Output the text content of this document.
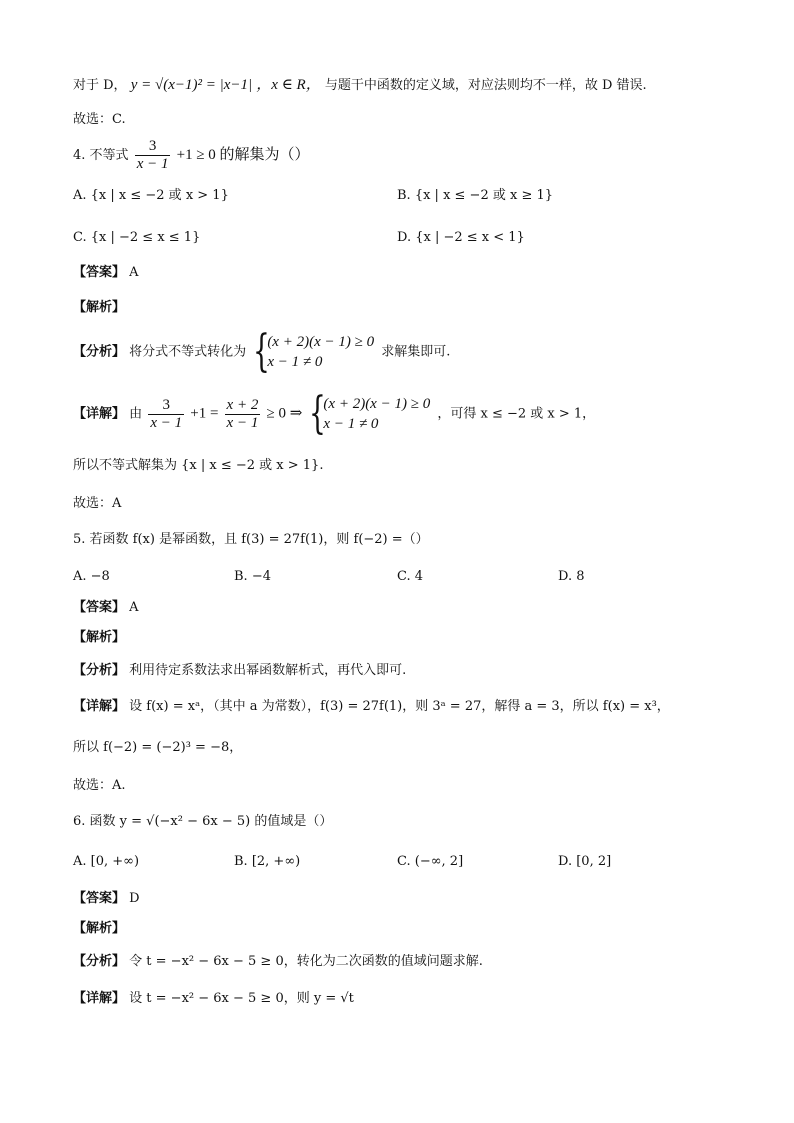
对于 D， y = √(x−1)² = |x−1| ，x ∈ R， 与题干中函数的定义域，对应法则均不一样，故 D 错误.
故选：C.
4. 不等式 $\frac{3}{x - 1} +1 \ge 0$ 的解集为（）
A. {x | x ≤ −2 或 x > 1}	B. {x | x ≤ −2 或 x ≥ 1}
C. {x | −2 ≤ x ≤ 1}	D. {x | −2 ≤ x < 1}
【答案】 A
【解析】
【分析】 将分式不等式转化为 {
(x + 2)(x − 1) ≥ 0
x − 1 ≠ 0
求解集即可.
【详解】 由 $\frac{3}{x - 1} +1 = \frac{x + 2}{x - 1} \ge 0$ ⇒ {
(x + 2)(x − 1) ≥ 0
x − 1 ≠ 0
，可得 x ≤ −2 或 x > 1，
所以不等式解集为 {x | x ≤ −2 或 x > 1}.
故选：A
5. 若函数 f(x) 是幂函数，且 f(3) = 27f(1)，则 f(−2) =（）
A. −8	B. −4	C. 4	D. 8
【答案】 A
【解析】
【分析】 利用待定系数法求出幂函数解析式，再代入即可.
【详解】 设 f(x) = xᵃ，（其中 a 为常数），f(3) = 27f(1)，则 3ᵃ = 27，解得 a = 3，所以 f(x) = x³，
所以 f(−2) = (−2)³ = −8，
故选：A.
6. 函数 y = √(−x² − 6x − 5) 的值域是（）
A. [0, +∞)	B. [2, +∞)	C. (−∞, 2]	D. [0, 2]
【答案】 D
【解析】
【分析】 令 t = −x² − 6x − 5 ≥ 0，转化为二次函数的值域问题求解.
【详解】 设 t = −x² − 6x − 5 ≥ 0，则 y = √t
